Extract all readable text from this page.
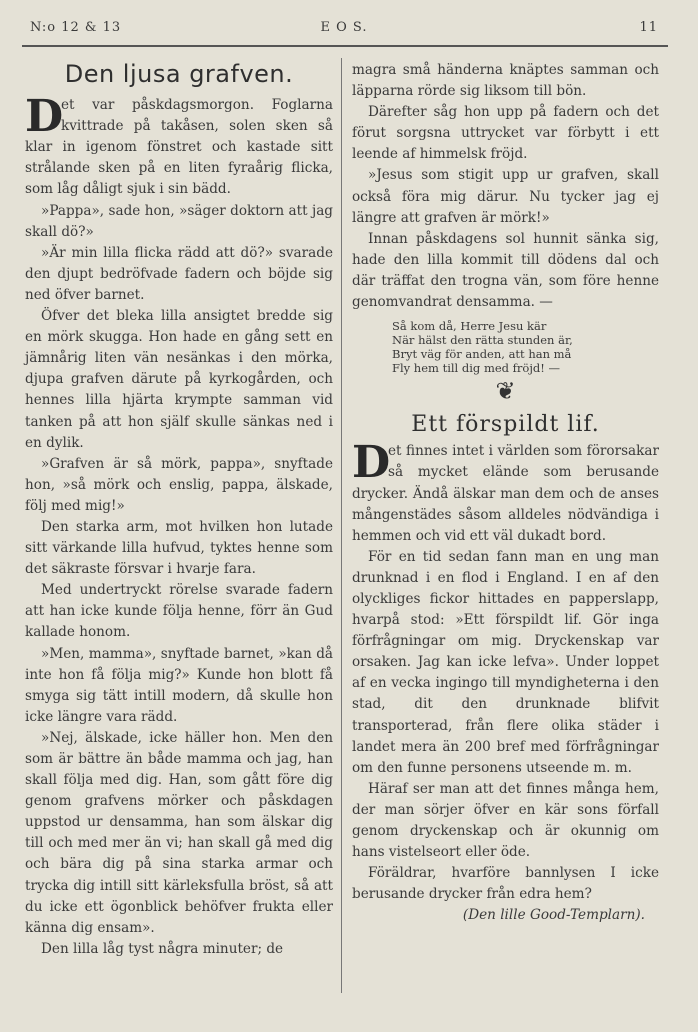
N:o 12 & 13	E O S.	11
Den ljusa grafven.

D
et var påskdagsmorgon. Foglarna kvittrade på takåsen, solen sken så klar in igenom fönstret och kastade sitt strålande sken på en liten fyraårig flicka, som låg dåligt sjuk i sin bädd.

»Pappa», sade hon, »säger doktorn att jag skall dö?»

»Är min lilla flicka rädd att dö?» svarade den djupt bedröfvade fadern och böjde sig ned öfver barnet.

Öfver det bleka lilla ansigtet bredde sig en mörk skugga. Hon hade en gång sett en jämnårig liten vän nesänkas i den mörka, djupa grafven därute på kyrkogården, och hennes lilla hjärta krympte samman vid tanken på att hon själf skulle sänkas ned i en dylik.

»Grafven är så mörk, pappa», snyftade hon, »så mörk och enslig, pappa, älskade, följ med mig!»

Den starka arm, mot hvilken hon lutade sitt värkande lilla hufvud, tyktes henne som det säkraste försvar i hvarje fara.

Med undertryckt rörelse svarade fadern att han icke kunde följa henne, förr än Gud kallade honom.

»Men, mamma», snyftade barnet, »kan då inte hon få följa mig?» Kunde hon blott få smyga sig tätt intill modern, då skulle hon icke längre vara rädd.

»Nej, älskade, icke häller hon. Men den som är bättre än både mamma och jag, han skall följa med dig. Han, som gått före dig genom grafvens mörker och påskdagen uppstod ur densamma, han som älskar dig till och med mer än vi; han skall gå med dig och bära dig på sina starka armar och trycka dig intill sitt kärleksfulla bröst, så att du icke ett ögonblick behöfver frukta eller känna dig ensam».

Den lilla låg tyst några minuter; de

magra små händerna knäptes samman och läpparna rörde sig liksom till bön.

Därefter såg hon upp på fadern och det förut sorgsna uttrycket var förbytt i ett leende af himmelsk fröjd.

»Jesus som stigit upp ur grafven, skall också föra mig därur. Nu tycker jag ej längre att grafven är mörk!»

Innan påskdagens sol hunnit sänka sig, hade den lilla kommit till dödens dal och där träffat den trogna vän, som före henne genomvandrat densamma. —

Så kom då, Herre Jesu kär
När hälst den rätta stunden är,
Bryt väg för anden, att han må
Fly hem till dig med fröjd! —
❦
Ett förspildt lif.

D
et finnes intet i världen som förorsakar så mycket elände som berusande drycker. Ändå älskar man dem och de anses mångenstädes såsom alldeles nödvändiga i hemmen och vid ett väl dukadt bord.

För en tid sedan fann man en ung man drunknad i en flod i England. I en af den olyckliges fickor hittades en papperslapp, hvarpå stod: »Ett förspildt lif. Gör inga förfrågningar om mig. Dryckenskap var orsaken. Jag kan icke lefva». Under loppet af en vecka ingingo till myndigheterna i den stad, dit den drunknade blifvit transporterad, från flere olika städer i landet mera än 200 bref med förfrågningar om den funne personens utseende m. m.

Häraf ser man att det finnes många hem, der man sörjer öfver en kär sons förfall genom dryckenskap och är okunnig om hans vistelseort eller öde.

Föräldrar, hvarföre bannlysen I icke berusande drycker från edra hem?

(Den lille Good-Templarn).
